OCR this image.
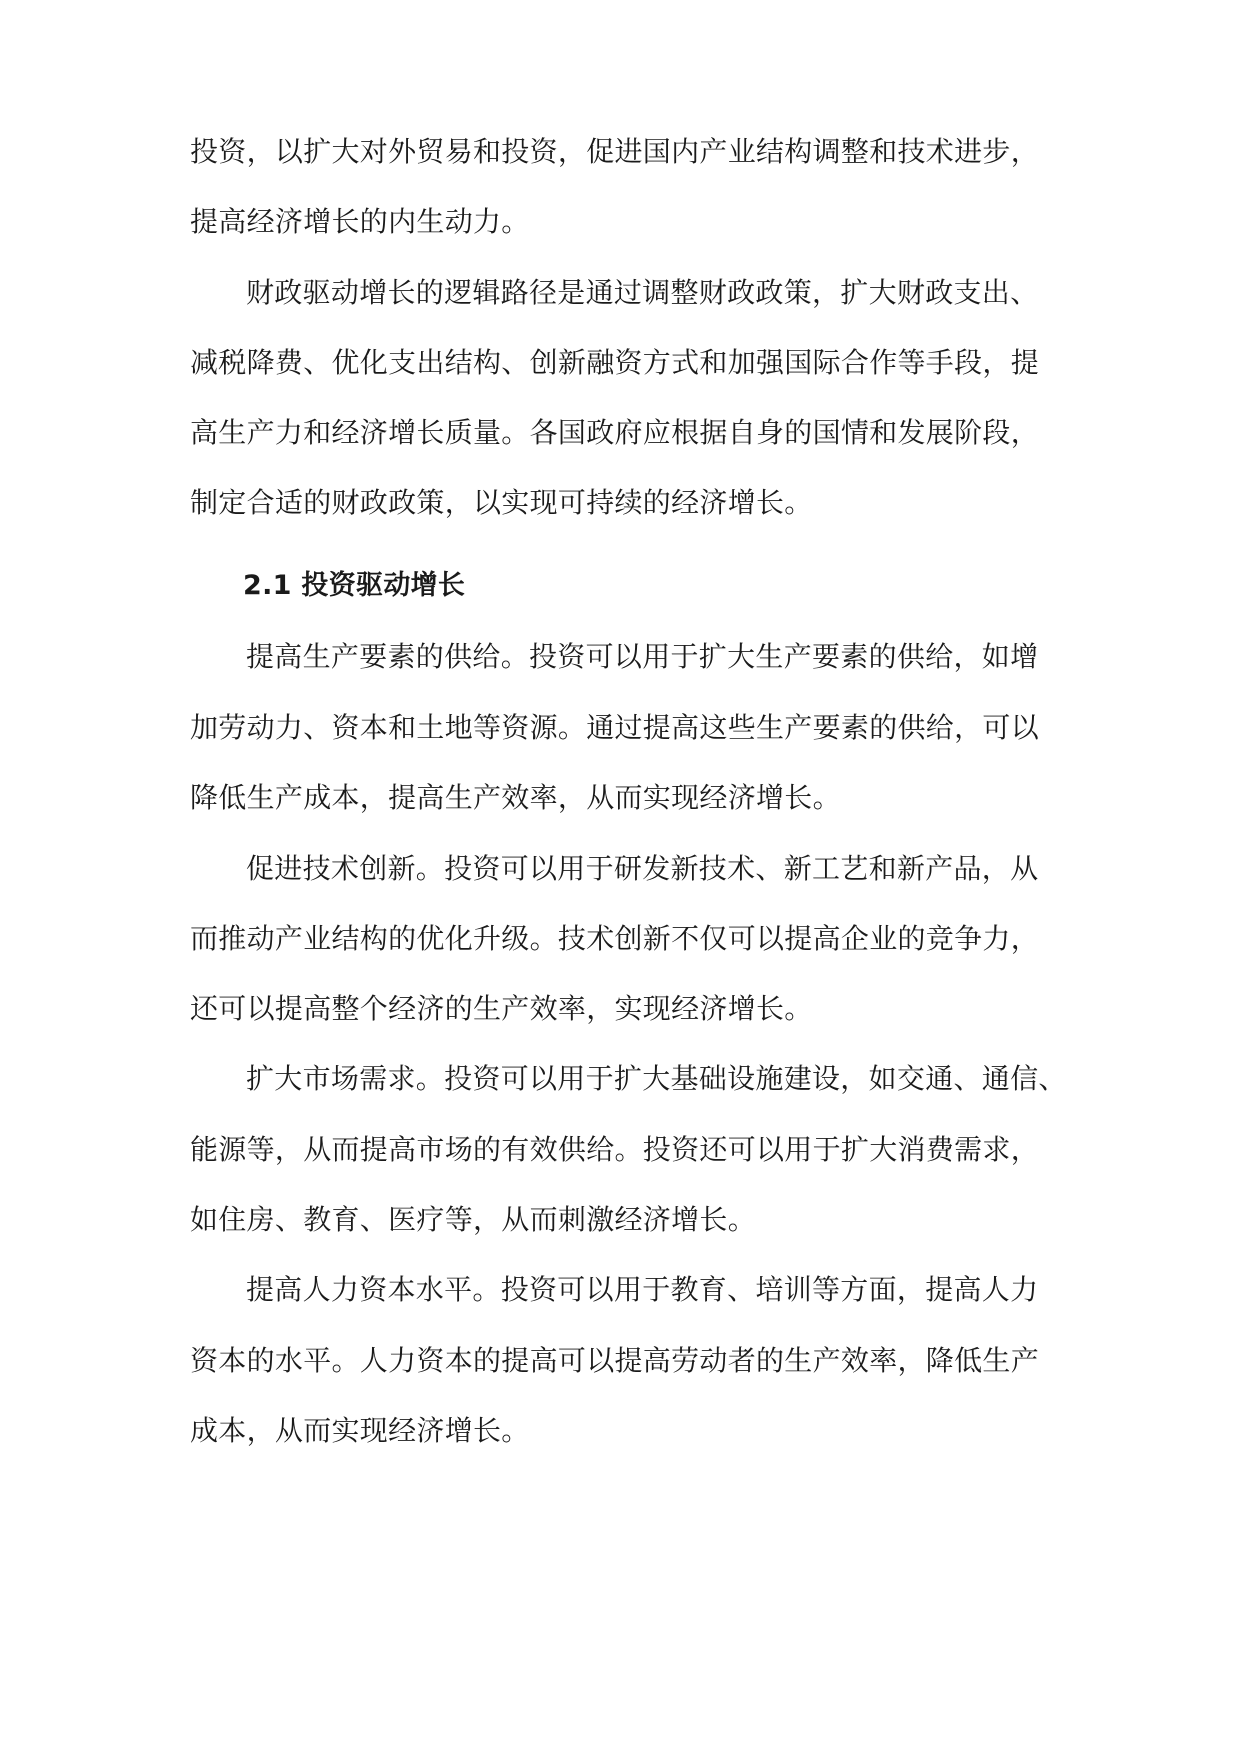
投资，以扩大对外贸易和投资，促进国内产业结构调整和技术进步，
提高经济增长的内生动力。
财政驱动增长的逻辑路径是通过调整财政政策，扩大财政支出、
减税降费、优化支出结构、创新融资方式和加强国际合作等手段，提
高生产力和经济增长质量。各国政府应根据自身的国情和发展阶段，
制定合适的财政政策，以实现可持续的经济增长。
2.1 投资驱动增长
提高生产要素的供给。投资可以用于扩大生产要素的供给，如增
加劳动力、资本和土地等资源。通过提高这些生产要素的供给，可以
降低生产成本，提高生产效率，从而实现经济增长。
促进技术创新。投资可以用于研发新技术、新工艺和新产品，从
而推动产业结构的优化升级。技术创新不仅可以提高企业的竞争力，
还可以提高整个经济的生产效率，实现经济增长。
扩大市场需求。投资可以用于扩大基础设施建设，如交通、通信、
能源等，从而提高市场的有效供给。投资还可以用于扩大消费需求，
如住房、教育、医疗等，从而刺激经济增长。
提高人力资本水平。投资可以用于教育、培训等方面，提高人力
资本的水平。人力资本的提高可以提高劳动者的生产效率，降低生产
成本，从而实现经济增长。
